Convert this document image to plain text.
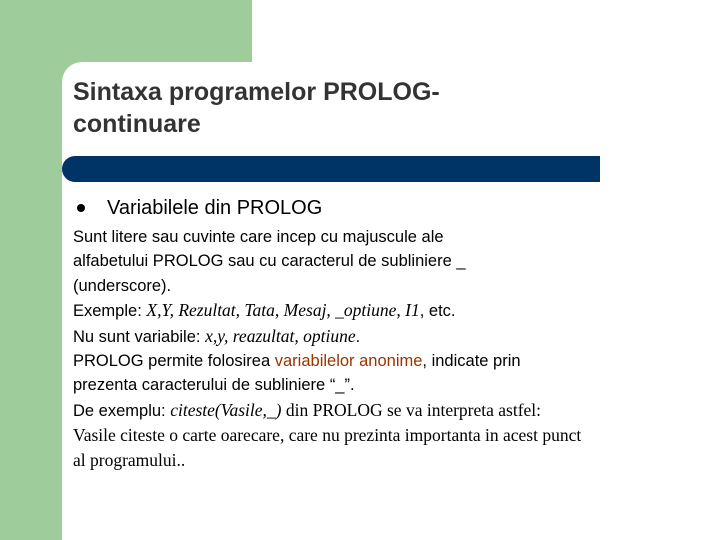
Sintaxa programelor PROLOG-
continuare
Variabilele din PROLOG

Sunt litere sau cuvinte care incep cu majuscule ale

alfabetului PROLOG sau cu caracterul de subliniere _

(underscore).

Exemple: X,Y, Rezultat, Tata, Mesaj, _optiune, I1, etc.

Nu sunt variabile: x,y, reazultat, optiune.

PROLOG permite folosirea variabilelor anonime, indicate prin

prezenta caracterului de subliniere “_”.

De exemplu: citeste(Vasile,_) din PROLOG se va interpreta astfel:

Vasile citeste o carte oarecare, care nu prezinta importanta in acest punct

al programului..
